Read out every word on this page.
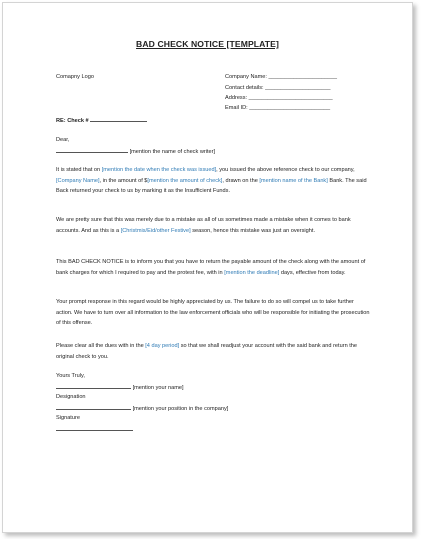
BAD CHECK NOTICE [TEMPLATE]
Comapny Logo	Company Name: ______________________
Contact details: _____________________
Address: ___________________________
Email ID: __________________________
RE: Check #
Dear,
[mention the name of check writer]
It is stated that on [mention the date when the check was issued], you issued the above reference check to our company, [Company Name], in the amount of $[mention the amount of check], drawn on the [mention name of the Bank] Bank. The said Back returned your check to us by marking it as the Insufficient Funds.
We are pretty sure that this was merely due to a mistake as all of us sometimes made a mistake when it comes to bank accounts. And as this is a [Christmis/Eid/other Festive] season, hence this mistake was just an oversight.
This BAD CHECK NOTICE is to inform you that you have to return the payable amount of the check along with the amount of bank charges for which I required to pay and the protest fee, with in [mention the deadline] days, effective from today.
Your prompt response in this regard would be highly appreciated by us. The failure to do so will compel us to take further action. We have to turn over all information to the law enforcement officials who will be responsible for initiating the prosecution of this offense.
Please clear all the dues with in the [4 day period] so that we shall readjust your account with the said bank and return the original check to you.
Yours Truly,
[mention your name]
Designation
[mention your position in the company]
Signature
